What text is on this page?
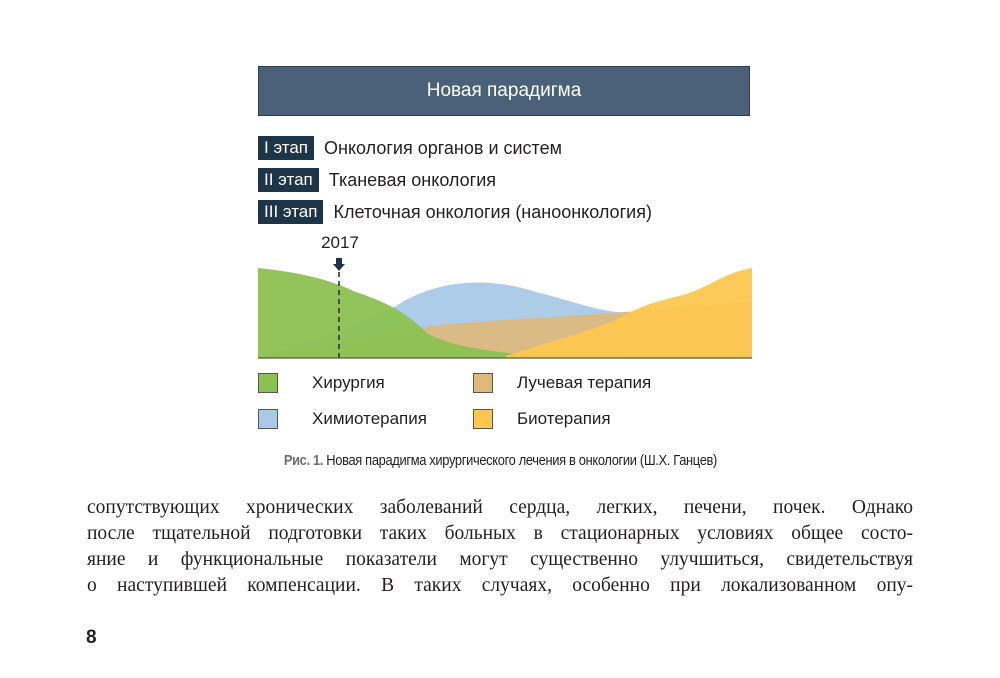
Новая парадигма
I этап Онкология органов и систем
II этап Тканевая онкология
III этап Клеточная онкология (наноонкология)
2017
Хирургия	Лучевая терапия
Химиотерапия	Биотерапия
Рис. 1. Новая парадигма хирургического лечения в онкологии (Ш.Х. Ганцев)
сопутствующих хронических заболеваний сердца, легких, печени, почек. Однако
после тщательной подготовки таких больных в стационарных условиях общее состо-
яние и функциональные показатели могут существенно улучшиться, свидетельствуя
о наступившей компенсации. В таких случаях, особенно при локализованном опу-
8
